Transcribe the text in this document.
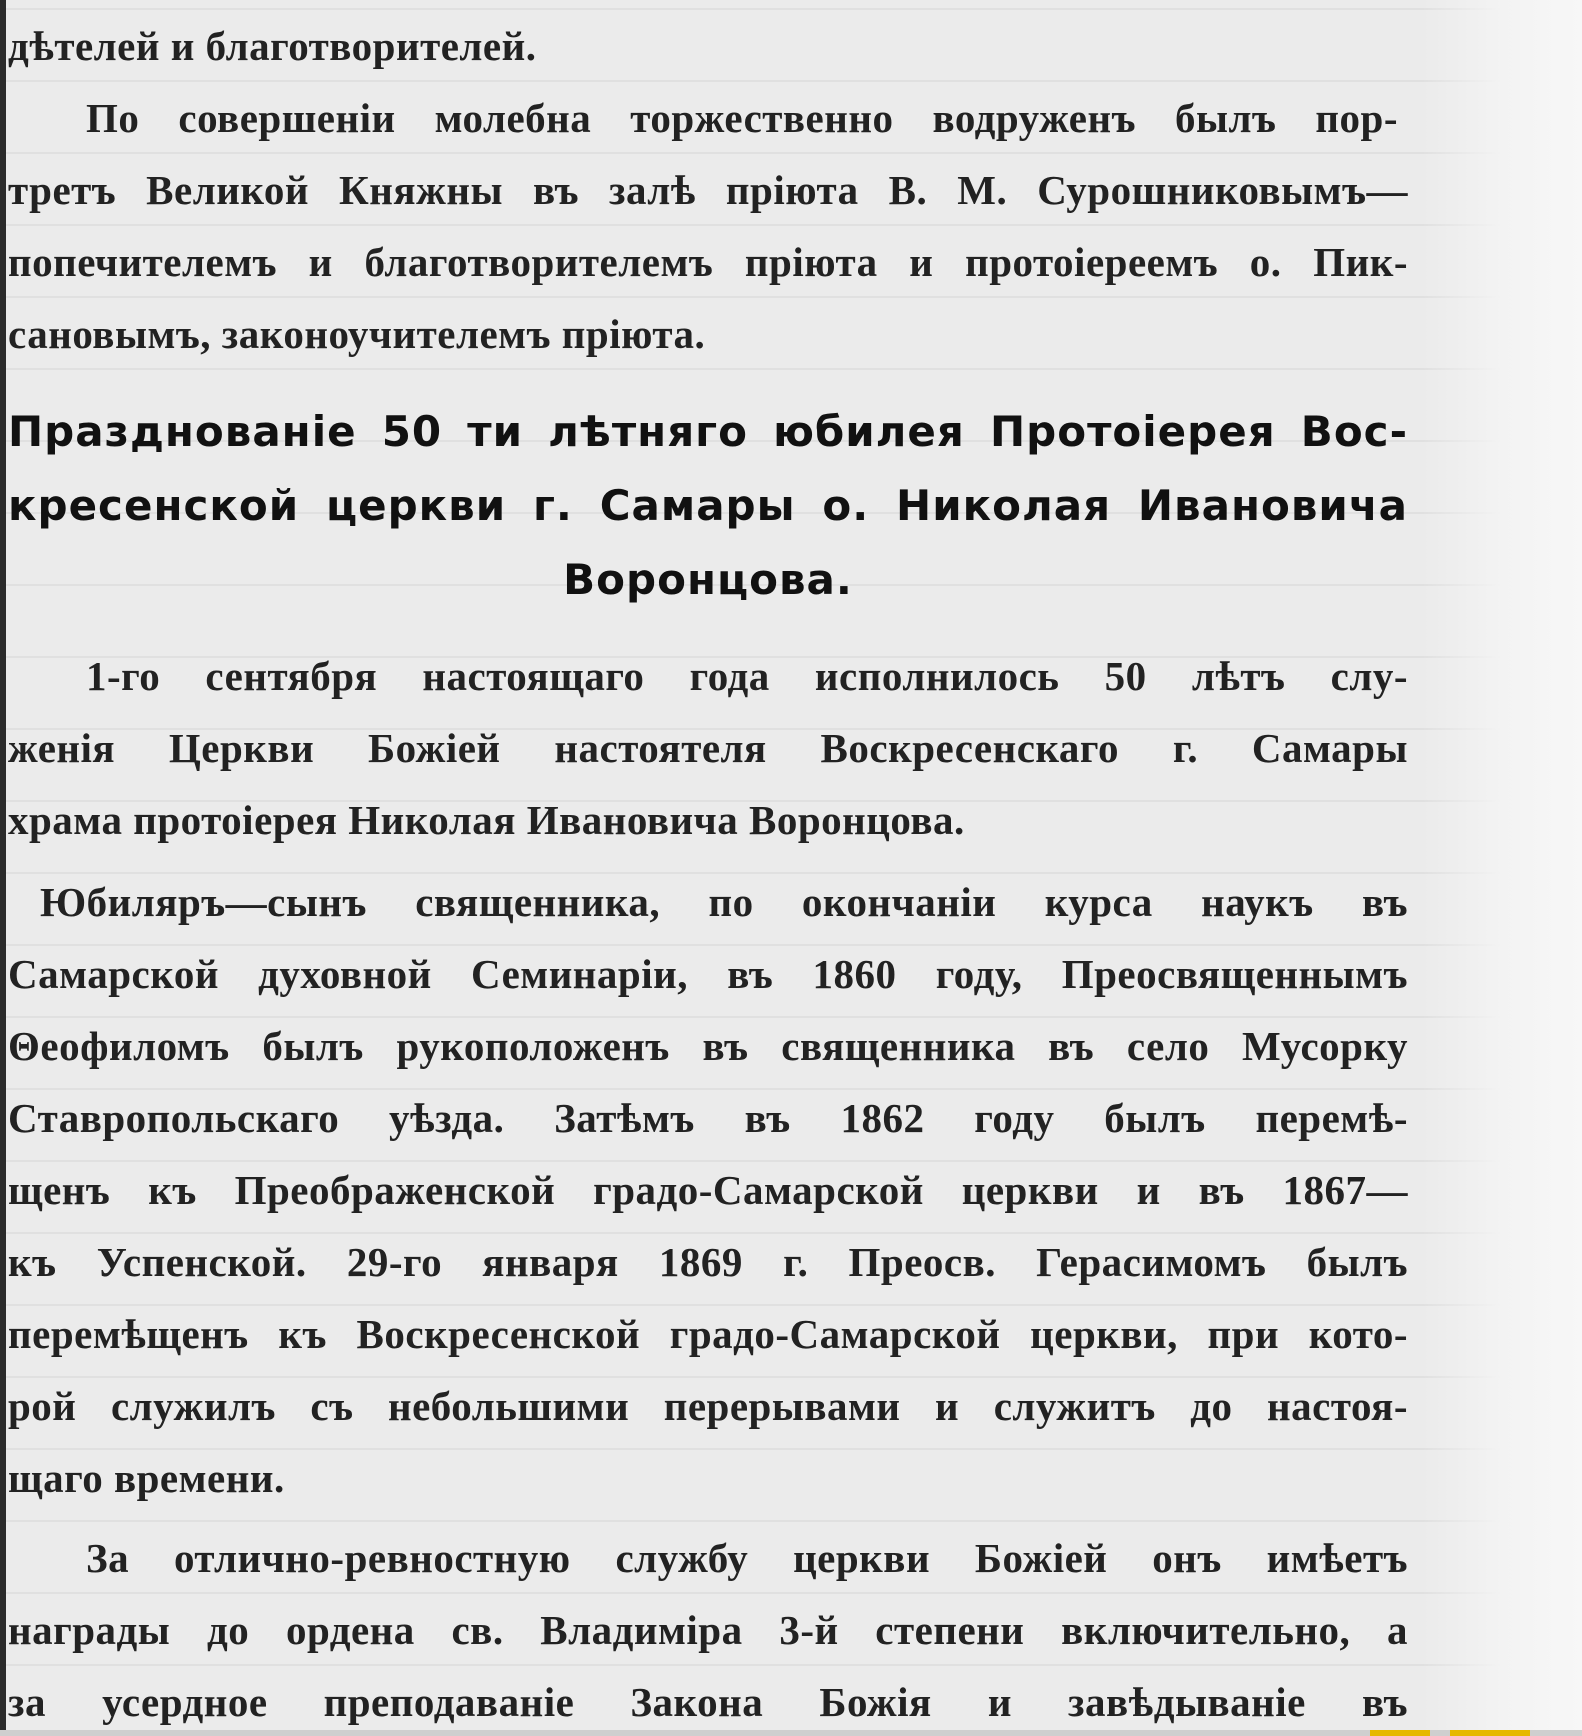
дѣтелей и благотворителей.
По совершеніи молебна торжественно водруженъ былъ пор-
третъ Великой Княжны въ залѣ пріюта В. М. Сурошниковымъ—
попечителемъ и благотворителемъ пріюта и протоіереемъ о. Пик-
сановымъ, законоучителемъ пріюта.
Празднованіе 50 ти лѣтняго юбилея Протоіерея Вос-
кресенской церкви г. Самары о. Николая Ивановича
Воронцова.
1-го сентября настоящаго года исполнилось 50 лѣтъ слу-
женія Церкви Божіей настоятеля Воскресенскаго г. Самары
храма протоіерея Николая Ивановича Воронцова.
Юбиляръ—сынъ священника, по окончаніи курса наукъ въ
Самарской духовной Семинаріи, въ 1860 году, Преосвященнымъ
Θеофиломъ былъ рукоположенъ въ священника въ село Мусорку
Ставропольскаго уѣзда. Затѣмъ въ 1862 году былъ перемѣ-
щенъ къ Преображенской градо-Самарской церкви и въ 1867—
къ Успенской. 29-го января 1869 г. Преосв. Герасимомъ былъ
перемѣщенъ къ Воскресенской градо-Самарской церкви, при кото-
рой служилъ съ небольшими перерывами и служитъ до настоя-
щаго времени.
За отлично-ревностную службу церкви Божіей онъ имѣетъ
награды до ордена св. Владиміра 3-й степени включительно, а
за усердное преподаваніе Закона Божія и завѣдываніе въ
